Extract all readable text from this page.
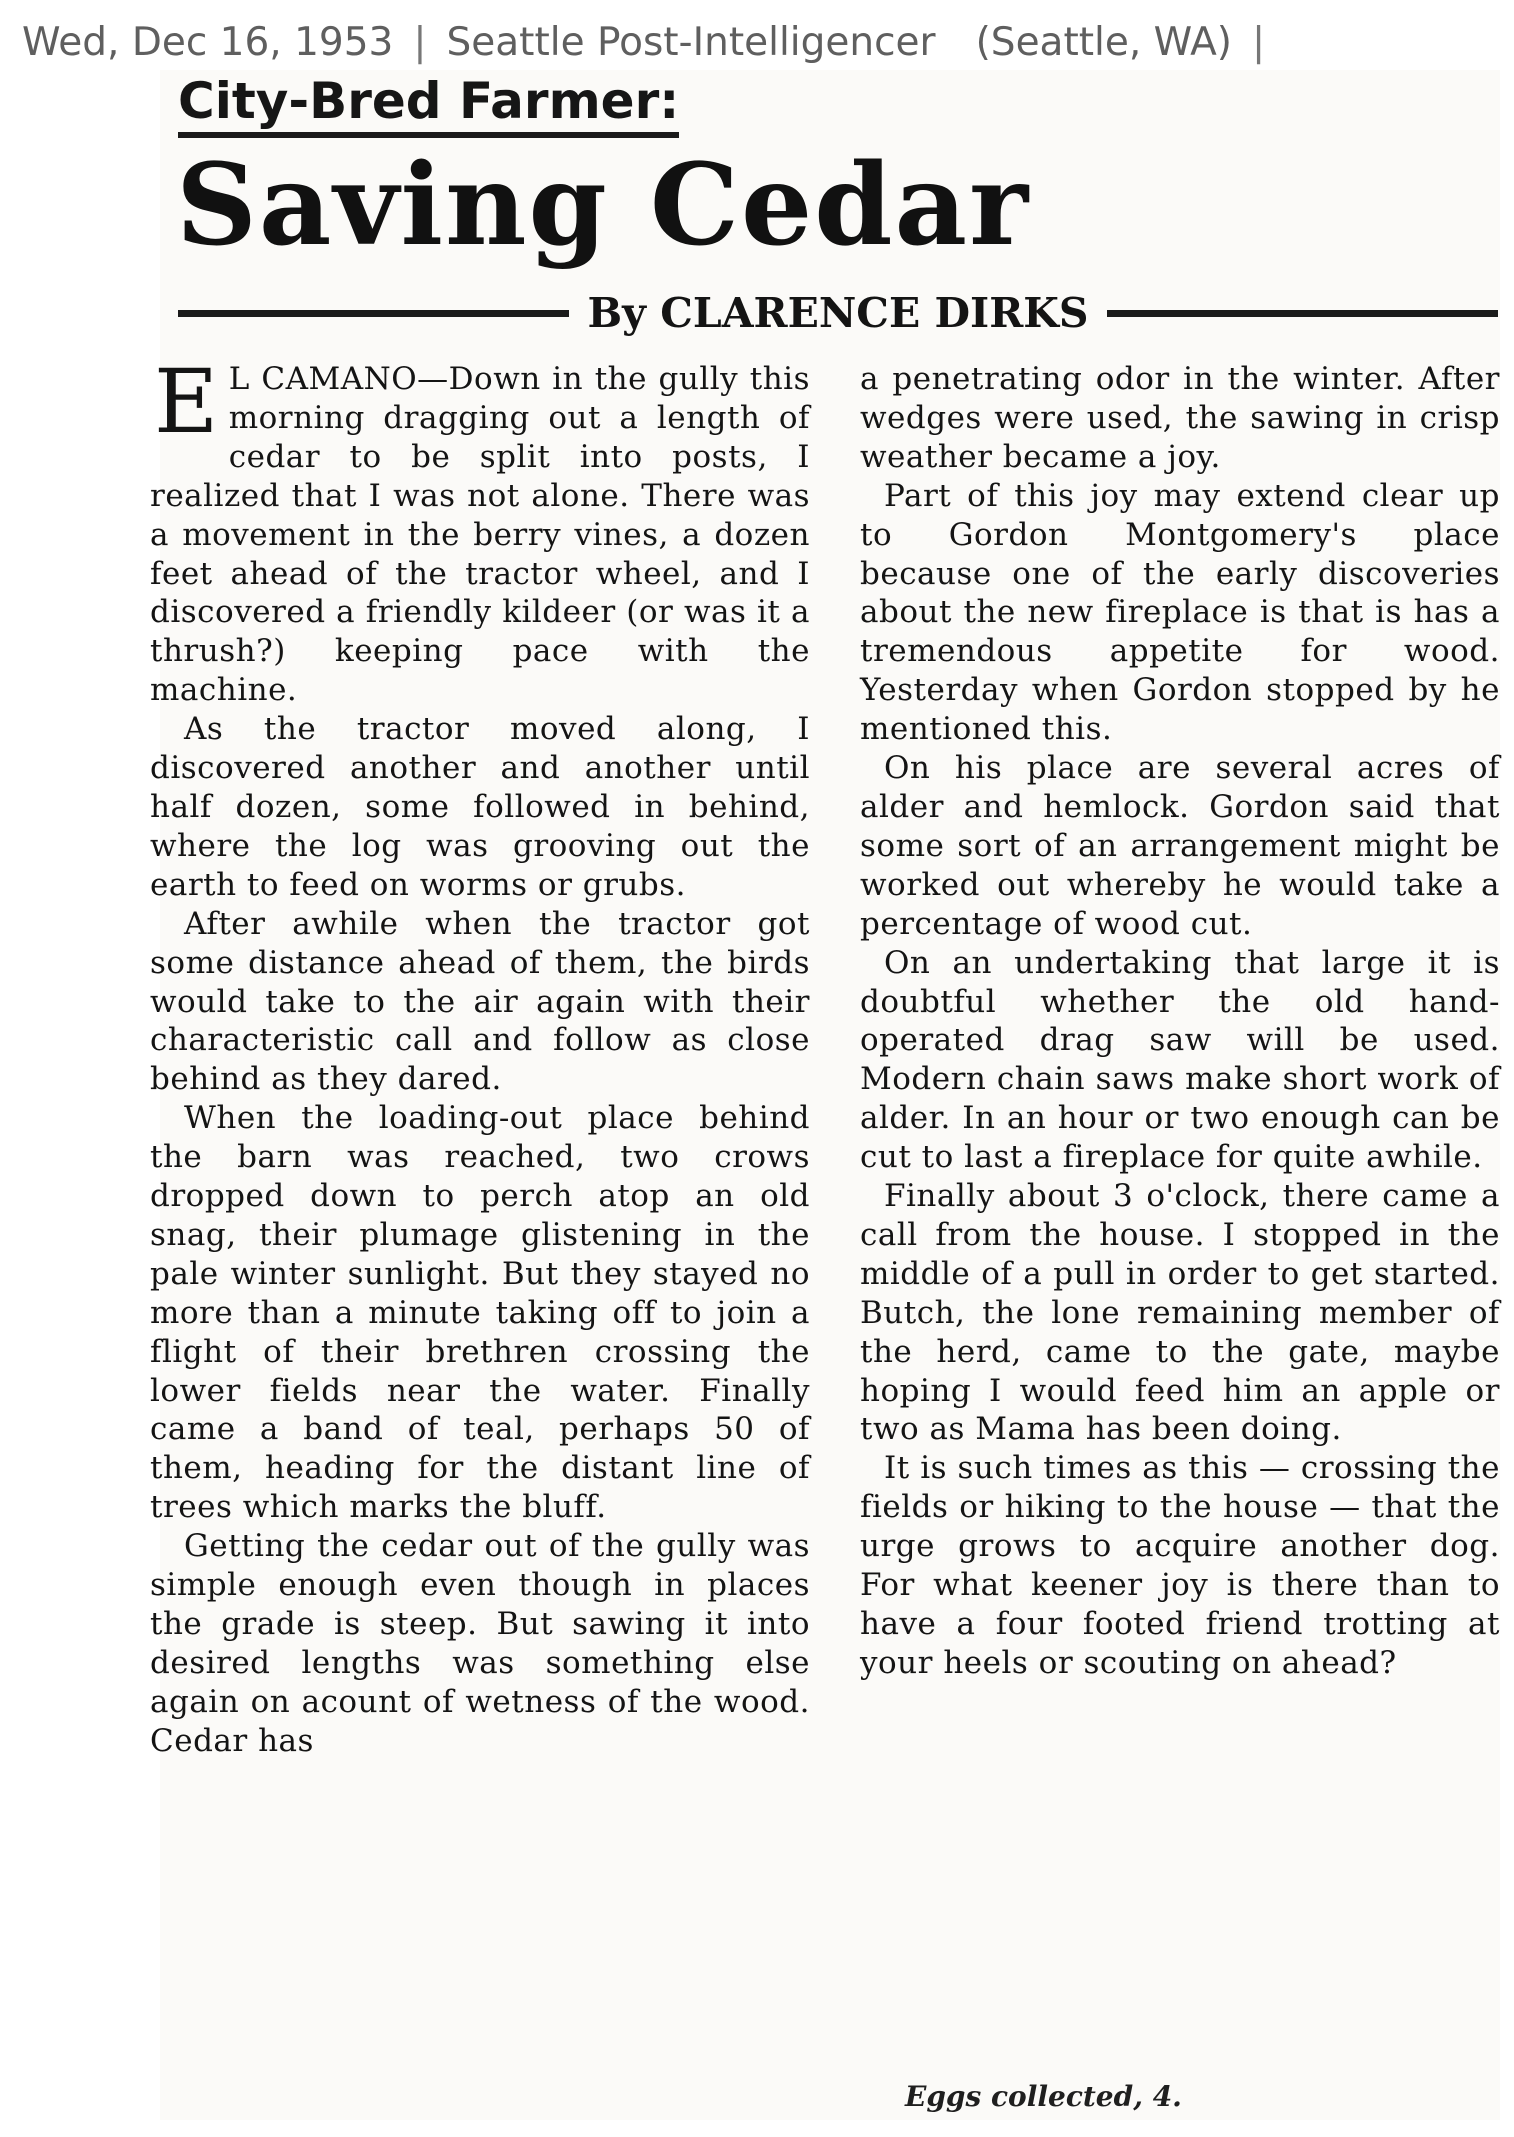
Wed, Dec 16, 1953 | Seattle Post-Intelligencer (Seattle, WA) |
City-Bred Farmer:
Saving Cedar
By CLARENCE DIRKS

E L CAMANO—Down in the gully this morning dragging out a length of cedar to be split into posts, I realized that I was not alone. There was a movement in the berry vines, a dozen feet ahead of the tractor wheel, and I discovered a friendly kildeer (or was it a thrush?) keeping pace with the machine.

As the tractor moved along, I discovered another and another until half dozen, some followed in behind, where the log was grooving out the earth to feed on worms or grubs.

After awhile when the tractor got some distance ahead of them, the birds would take to the air again with their characteristic call and follow as close behind as they dared.

When the loading-out place behind the barn was reached, two crows dropped down to perch atop an old snag, their plumage glistening in the pale winter sunlight. But they stayed no more than a minute taking off to join a flight of their brethren crossing the lower fields near the water. Finally came a band of teal, perhaps 50 of them, heading for the distant line of trees which marks the bluff.

Getting the cedar out of the gully was simple enough even though in places the grade is steep. But sawing it into desired lengths was something else again on acount of wetness of the wood. Cedar has

a penetrating odor in the winter. After wedges were used, the sawing in crisp weather became a joy.

Part of this joy may extend clear up to Gordon Montgomery's place because one of the early discoveries about the new fireplace is that is has a tremendous appetite for wood. Yesterday when Gordon stopped by he mentioned this.

On his place are several acres of alder and hemlock. Gordon said that some sort of an arrangement might be worked out whereby he would take a percentage of wood cut.

On an undertaking that large it is doubtful whether the old hand-operated drag saw will be used. Modern chain saws make short work of alder. In an hour or two enough can be cut to last a fireplace for quite awhile.

Finally about 3 o'clock, there came a call from the house. I stopped in the middle of a pull in order to get started. Butch, the lone remaining member of the herd, came to the gate, maybe hoping I would feed him an apple or two as Mama has been doing.

It is such times as this — crossing the fields or hiking to the house — that the urge grows to acquire another dog. For what keener joy is there than to have a four footed friend trotting at your heels or scouting on ahead?

Eggs collected, 4.
